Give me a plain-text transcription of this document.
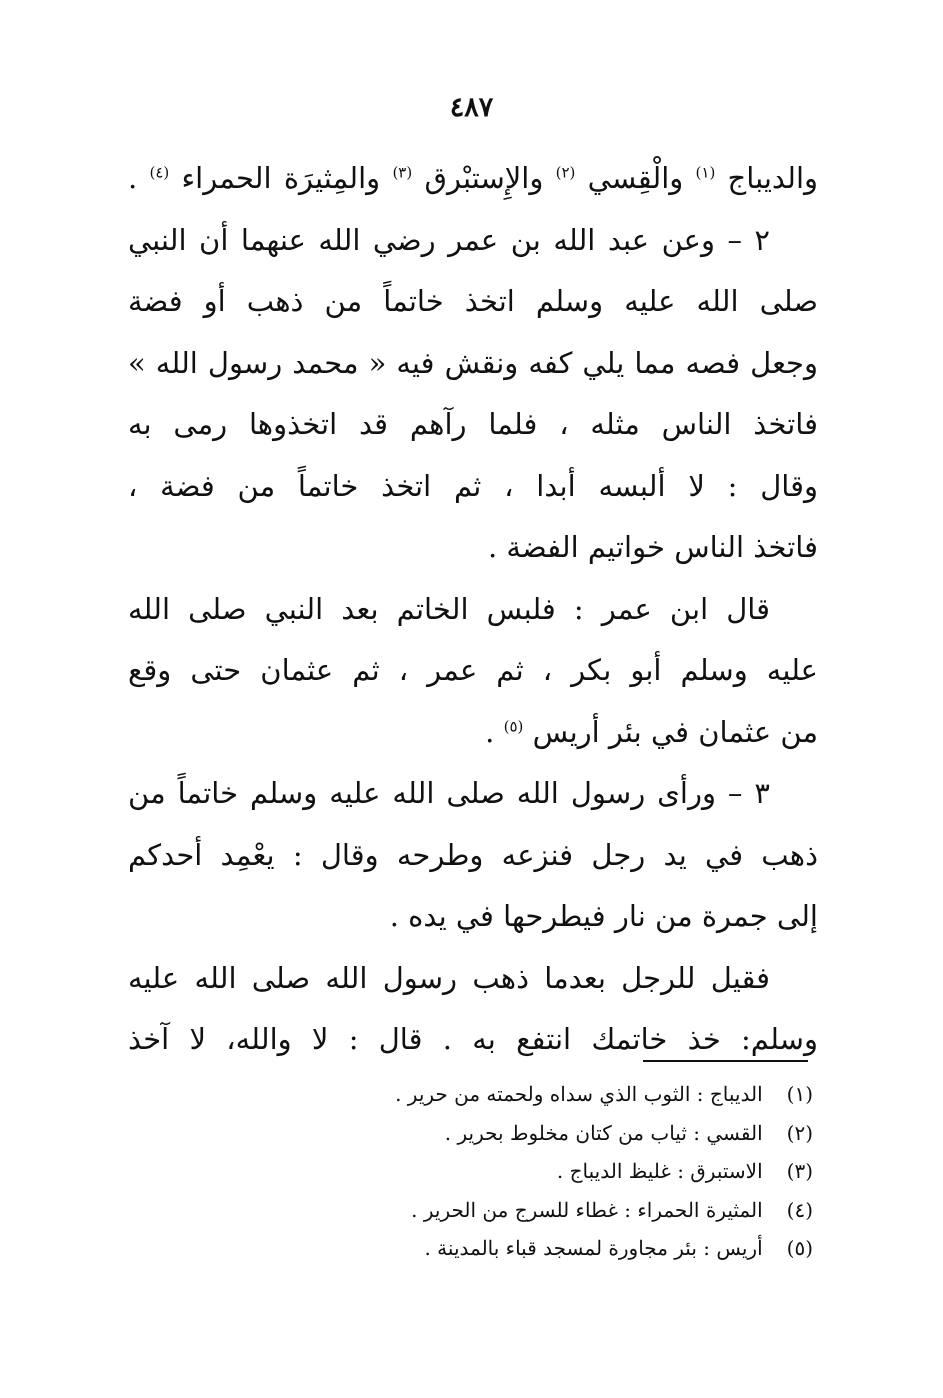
٤٨٧
والديباج $^{(١)}$ والْقِسي $^{(٢)}$ والإِستبْرق $^{(٣)}$ والمِثيرَة الحمراء $^{(٤)}$ .
٢ – وعن عبد الله بن عمر رضي الله عنهما أن النبي
صلى الله عليه وسلم اتخذ خاتماً من ذهب أو فضة
وجعل فصه مما يلي كفه ونقش فيه « محمد رسول الله »
فاتخذ الناس مثله ، فلما رآهم قد اتخذوها رمى به
وقال : لا ألبسه أبدا ، ثم اتخذ خاتماً من فضة ،
فاتخذ الناس خواتيم الفضة .
قال ابن عمر : فلبس الخاتم بعد النبي صلى الله
عليه وسلم أبو بكر ، ثم عمر ، ثم عثمان حتى وقع
من عثمان في بئر أريس $^{(٥)}$ .
٣ – ورأى رسول الله صلى الله عليه وسلم خاتماً من
ذهب في يد رجل فنزعه وطرحه وقال : يعْمِد أحدكم
إلى جمرة من نار فيطرحها في يده .
فقيل للرجل بعدما ذهب رسول الله صلى الله عليه
وسلم: خذ خاتمك انتفع به . قال : لا والله، لا آخذ
(١) الديباج : الثوب الذي سداه ولحمته من حرير .
(٢) القسي : ثياب من كتان مخلوط بحرير .
(٣) الاستبرق : غليظ الديباج .
(٤) المثيرة الحمراء : غطاء للسرج من الحرير .
(٥) أريس : بئر مجاورة لمسجد قباء بالمدينة .
